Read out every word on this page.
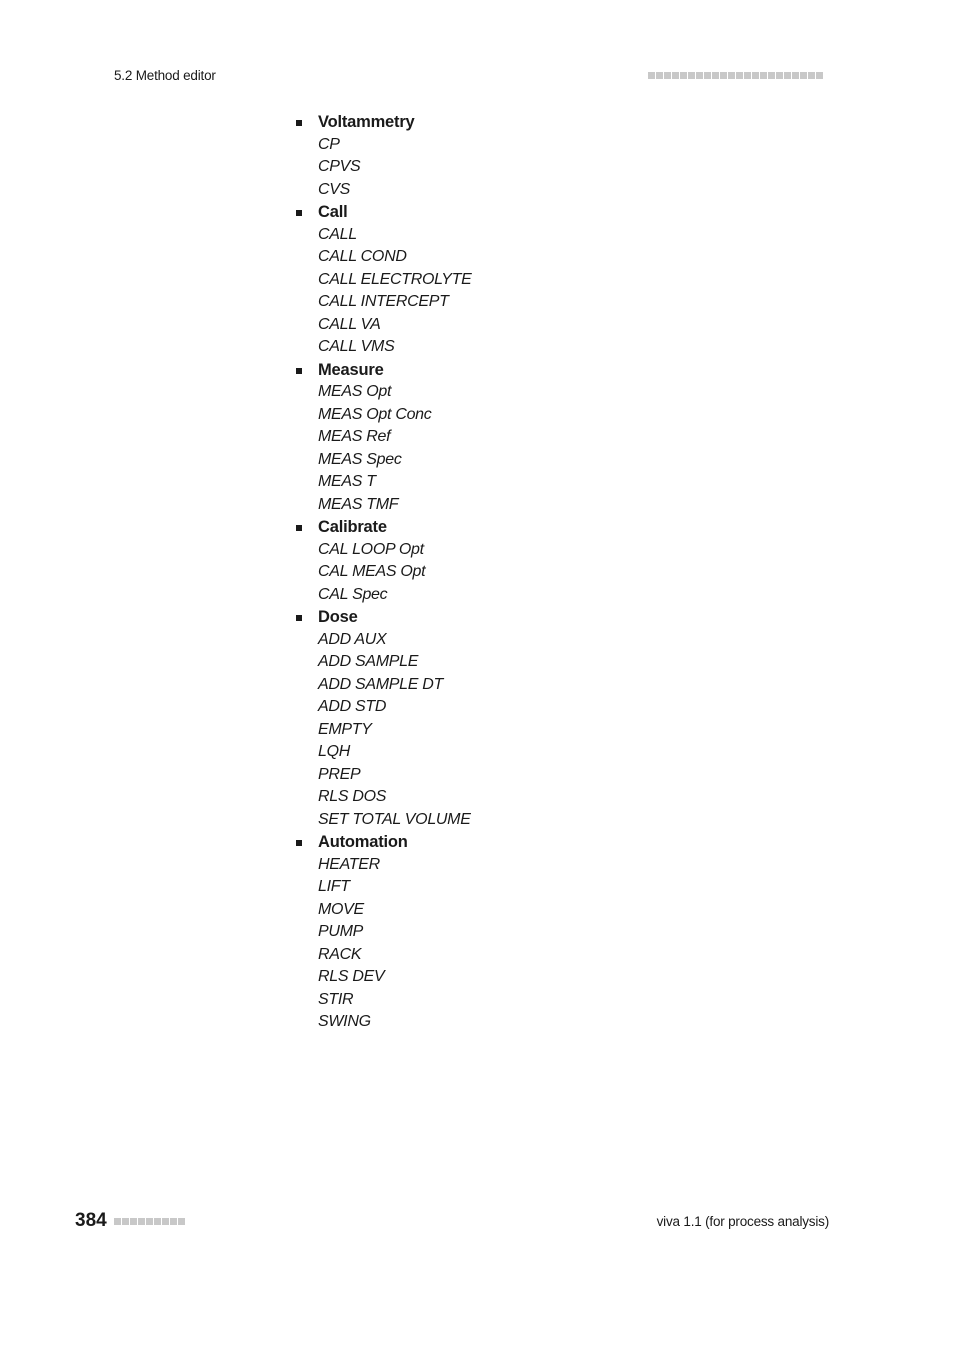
5.2 Method editor
Voltammetry
CP
CPVS
CVS
Call
CALL
CALL COND
CALL ELECTROLYTE
CALL INTERCEPT
CALL VA
CALL VMS
Measure
MEAS Opt
MEAS Opt Conc
MEAS Ref
MEAS Spec
MEAS T
MEAS TMF
Calibrate
CAL LOOP Opt
CAL MEAS Opt
CAL Spec
Dose
ADD AUX
ADD SAMPLE
ADD SAMPLE DT
ADD STD
EMPTY
LQH
PREP
RLS DOS
SET TOTAL VOLUME
Automation
HEATER
LIFT
MOVE
PUMP
RACK
RLS DEV
STIR
SWING
384	viva 1.1 (for process analysis)
